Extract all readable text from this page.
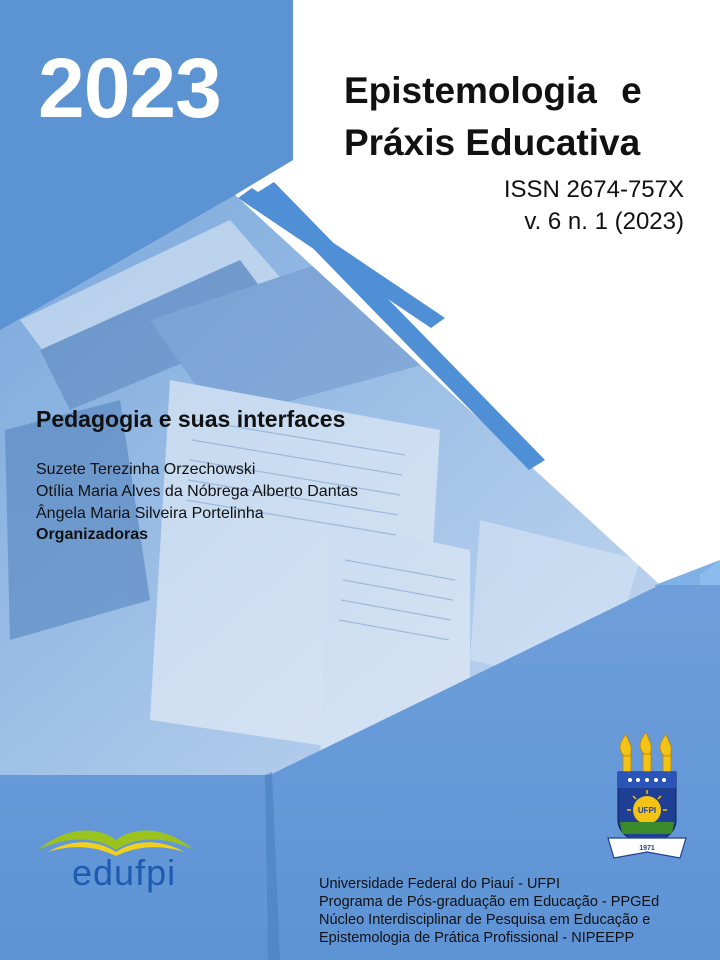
2023	Epistemologia e
Práxis Educativa
ISSN 2674-757X
v. 6 n. 1 (2023)
Pedagogia e suas interfaces
Suzete Terezinha Orzechowski
Otília Maria Alves da Nóbrega Alberto Dantas
Ângela Maria Silveira Portelinha
Organizadoras
edufpi
UFPI
1971
Universidade Federal do Piauí - UFPI
Programa de Pós-graduação em Educação - PPGEd
Núcleo Interdisciplinar de Pesquisa em Educação e
Epistemologia de Prática Profissional - NIPEEPP
